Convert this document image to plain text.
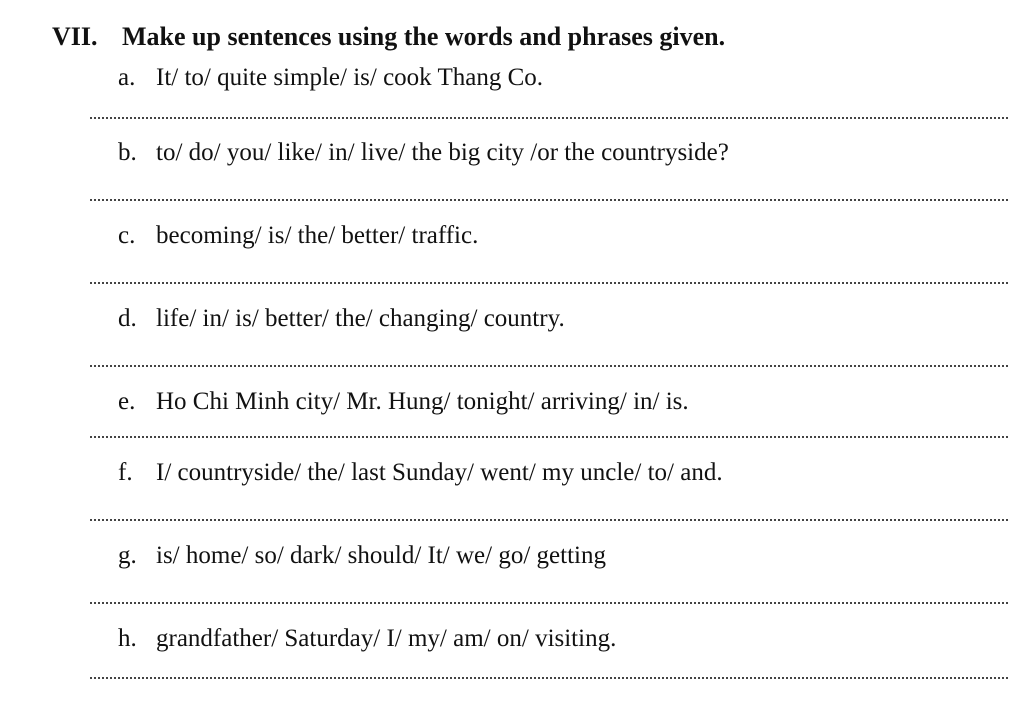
VII. Make up sentences using the words and phrases given.
a. It/ to/ quite simple/ is/ cook Thang Co.
b. to/ do/ you/ like/ in/ live/ the big city /or the countryside?
c. becoming/ is/ the/ better/ traffic.
d. life/ in/ is/ better/ the/ changing/ country.
e. Ho Chi Minh city/ Mr. Hung/ tonight/ arriving/ in/ is.
f. I/ countryside/ the/ last Sunday/ went/ my uncle/ to/ and.
g. is/ home/ so/ dark/ should/ It/ we/ go/ getting
h. grandfather/ Saturday/ I/ my/ am/ on/ visiting.
